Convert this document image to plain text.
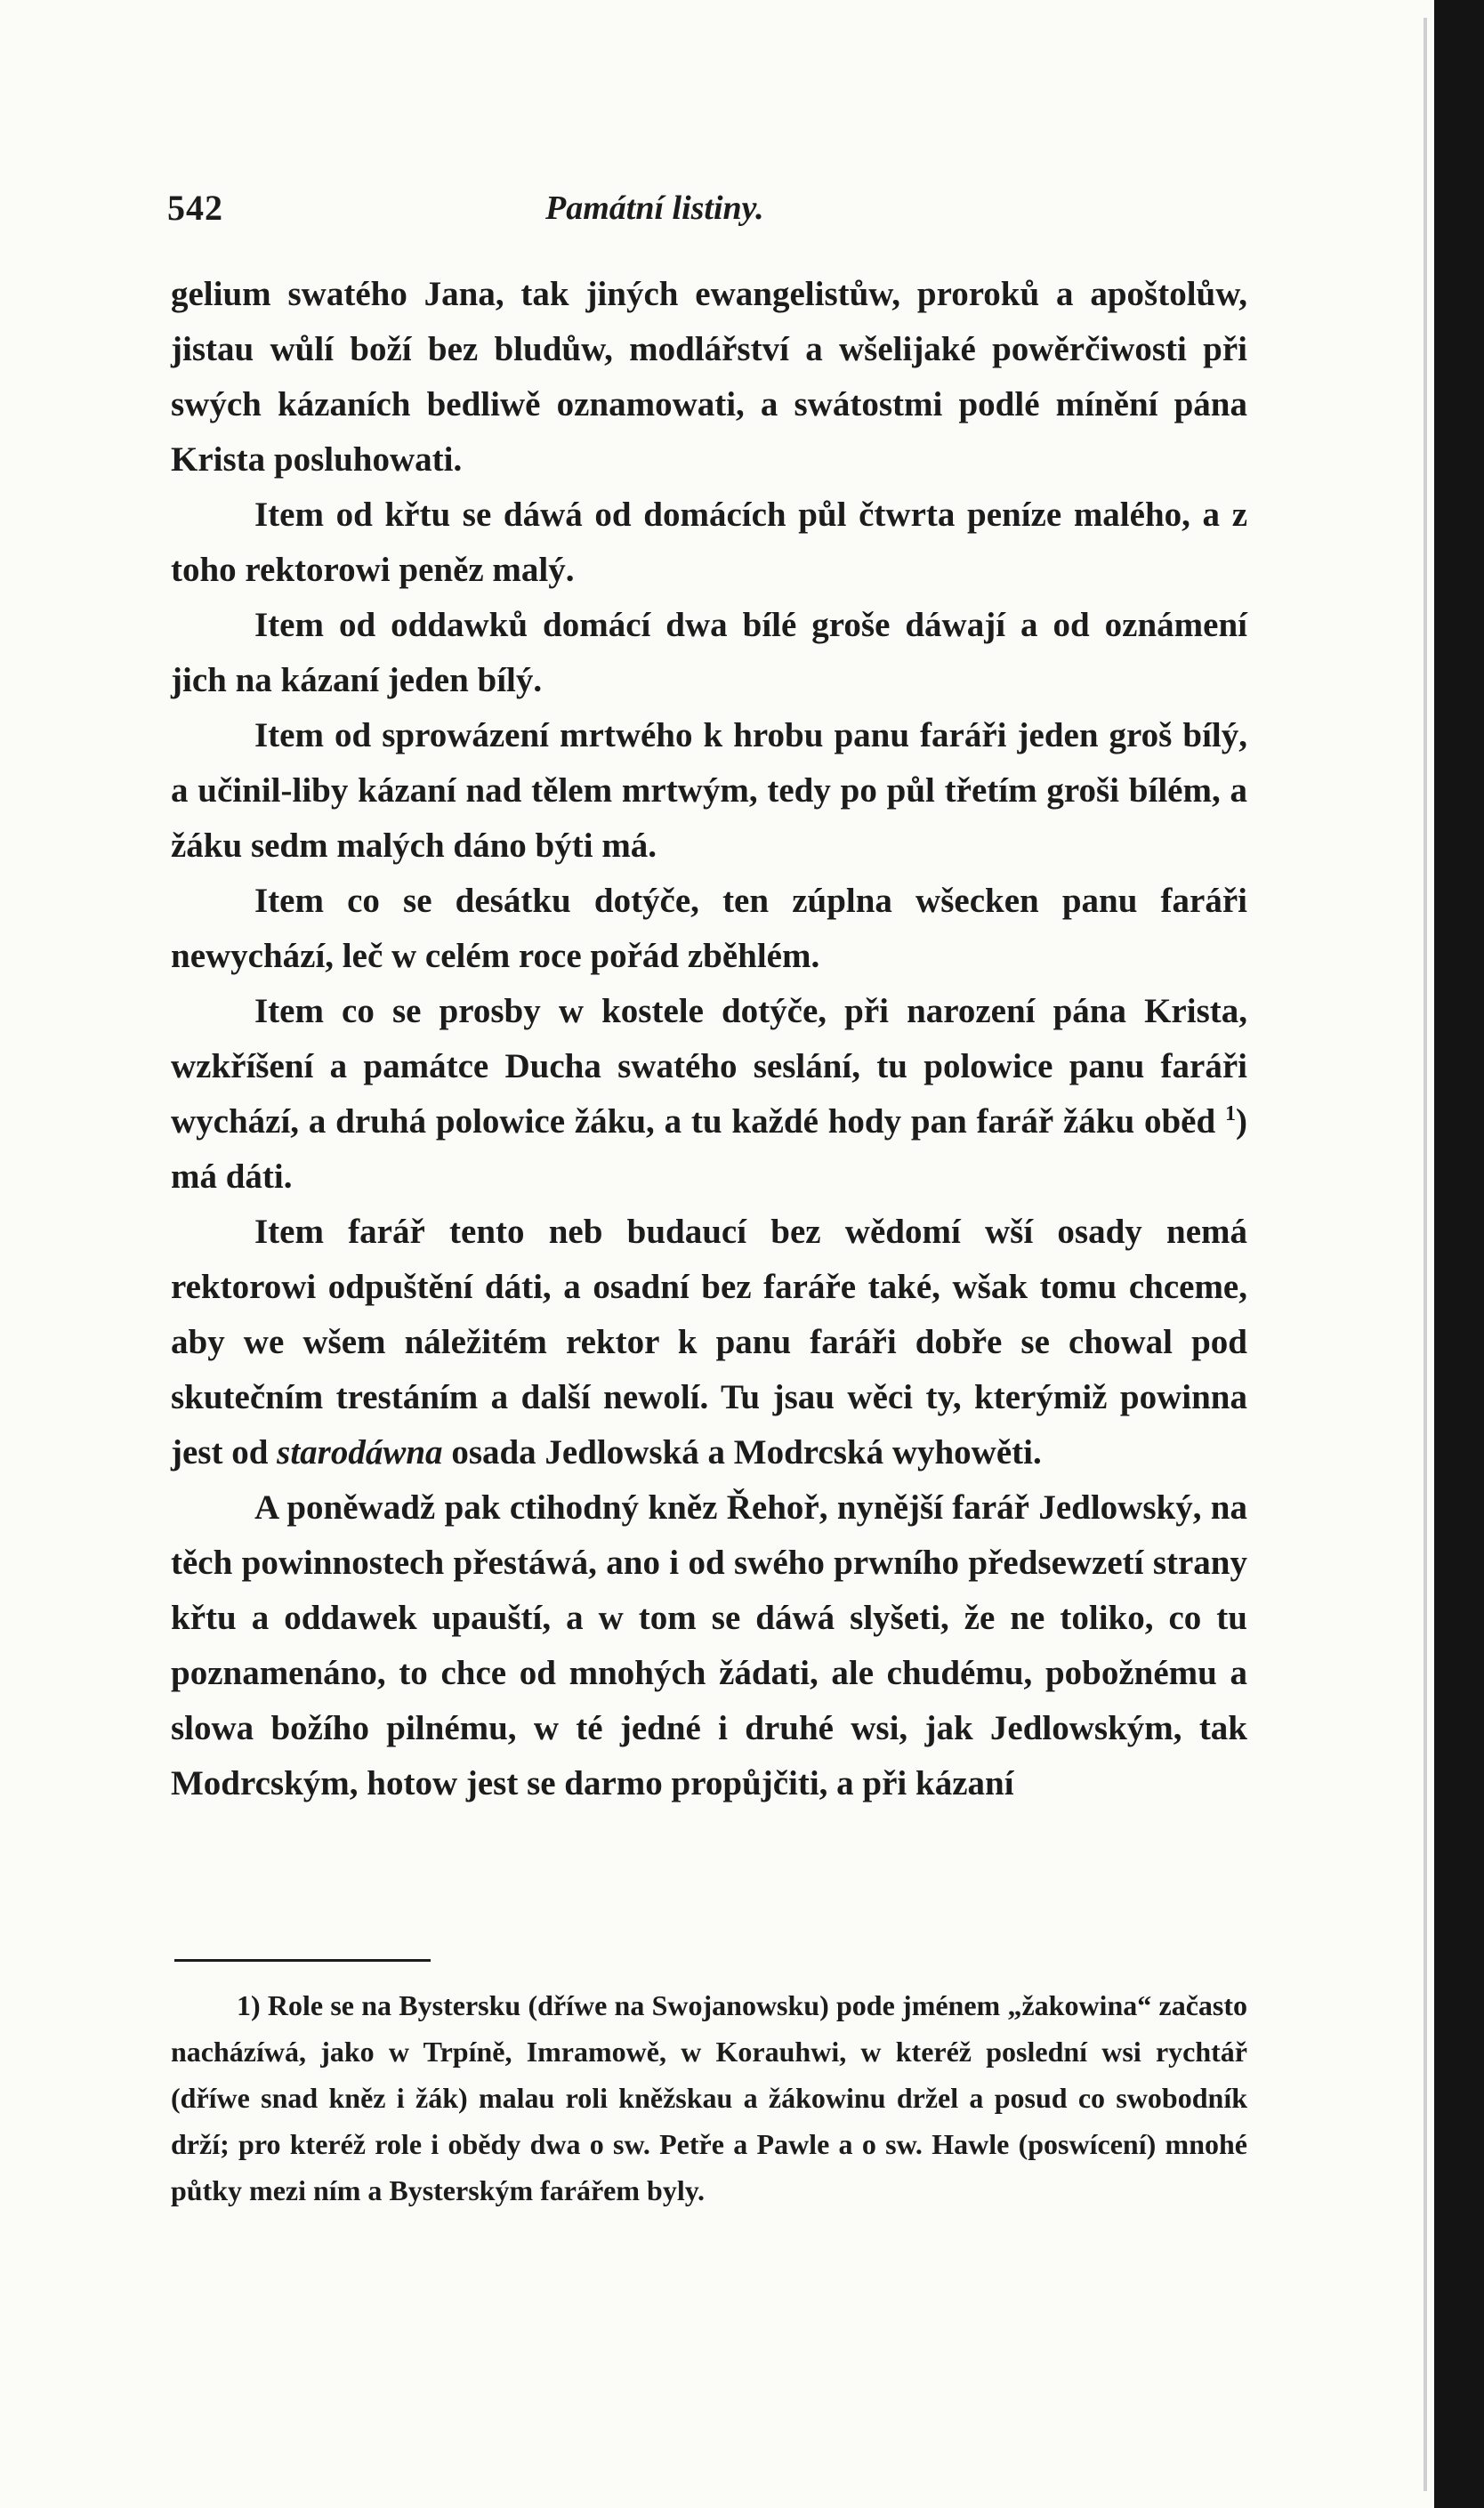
542	Památní listiny.

gelium swatého Jana, tak jiných ewangelistůw, proroků a apoštolůw, jistau wůlí boží bez bludůw, modlářství a wšelijaké powěrčiwosti při swých kázaních bedliwě oznamowati, a swátostmi podlé mínění pána Krista posluhowati.

Item od křtu se dáwá od domácích půl čtwrta peníze malého, a z toho rektorowi peněz malý.

Item od oddawků domácí dwa bílé groše dáwají a od oznámení jich na kázaní jeden bílý.

Item od sprowázení mrtwého k hrobu panu faráři jeden groš bílý, a učinil-liby kázaní nad tělem mrtwým, tedy po půl třetím groši bílém, a žáku sedm malých dáno býti má.

Item co se desátku dotýče, ten zúplna wšecken panu faráři newychází, leč w celém roce pořád zběhlém.

Item co se prosby w kostele dotýče, při narození pána Krista, wzkříšení a památce Ducha swatého seslání, tu polowice panu faráři wychází, a druhá polowice žáku, a tu každé hody pan farář žáku oběd $^1$) má dáti.

Item farář tento neb budaucí bez wědomí wší osady nemá rektorowi odpuštění dáti, a osadní bez faráře také, wšak tomu chceme, aby we wšem náležitém rektor k panu faráři dobře se chowal pod skutečním trestáním a další newolí. Tu jsau wěci ty, kterýmiž powinna jest od starodáwna osada Jedlowská a Modrcská wyhowěti.

A poněwadž pak ctihodný kněz Řehoř, nynější farář Jedlowský, na těch powinnostech přestáwá, ano i od swého prwního předsewzetí strany křtu a oddawek upauští, a w tom se dáwá slyšeti, že ne toliko, co tu poznamenáno, to chce od mnohých žádati, ale chudému, pobožnému a slowa božího pilnému, w té jedné i druhé wsi, jak Jedlowským, tak Modrcským, hotow jest se darmo propůjčiti, a při kázaní

1) Role se na Bystersku (dříwe na Swojanowsku) pode jménem „žakowina“ začasto nacházíwá, jako w Trpíně, Imramowě, w Korauhwi, w kteréž poslední wsi rychtář (dříwe snad kněz i žák) malau roli kněžskau a žákowinu držel a posud co swobodník drží; pro kteréž role i obědy dwa o sw. Petře a Pawle a o sw. Hawle (poswícení) mnohé půtky mezi ním a Bysterským farářem byly.
